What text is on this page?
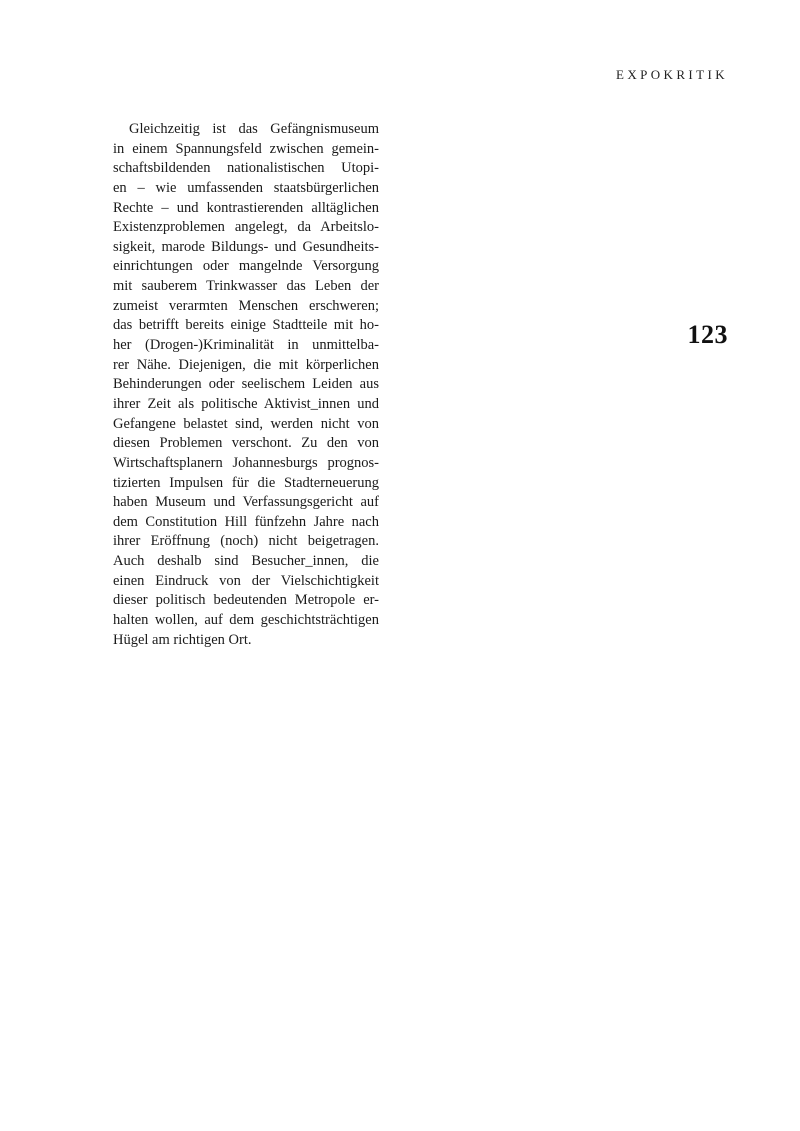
EXPOKRITIK
123
Gleichzeitig ist das Gefängnismuseum
in einem Spannungsfeld zwischen gemein-
schaftsbildenden nationalistischen Utopi-
en – wie umfassenden staatsbürgerlichen
Rechte – und kontrastierenden alltäglichen
Existenzproblemen angelegt, da Arbeitslo-
sigkeit, marode Bildungs- und Gesundheits-
einrichtungen oder mangelnde Versorgung
mit sauberem Trinkwasser das Leben der
zumeist verarmten Menschen erschweren;
das betrifft bereits einige Stadtteile mit ho-
her (Drogen-)Kriminalität in unmittelba-
rer Nähe. Diejenigen, die mit körperlichen
Behinderungen oder seelischem Leiden aus
ihrer Zeit als politische Aktivist_innen und
Gefangene belastet sind, werden nicht von
diesen Problemen verschont. Zu den von
Wirtschaftsplanern Johannesburgs prognos-
tizierten Impulsen für die Stadterneuerung
haben Museum und Verfassungsgericht auf
dem Constitution Hill fünfzehn Jahre nach
ihrer Eröffnung (noch) nicht beigetragen.
Auch deshalb sind Besucher_innen, die
einen Eindruck von der Vielschichtigkeit
dieser politisch bedeutenden Metropole er-
halten wollen, auf dem geschichtsträchtigen
Hügel am richtigen Ort.
